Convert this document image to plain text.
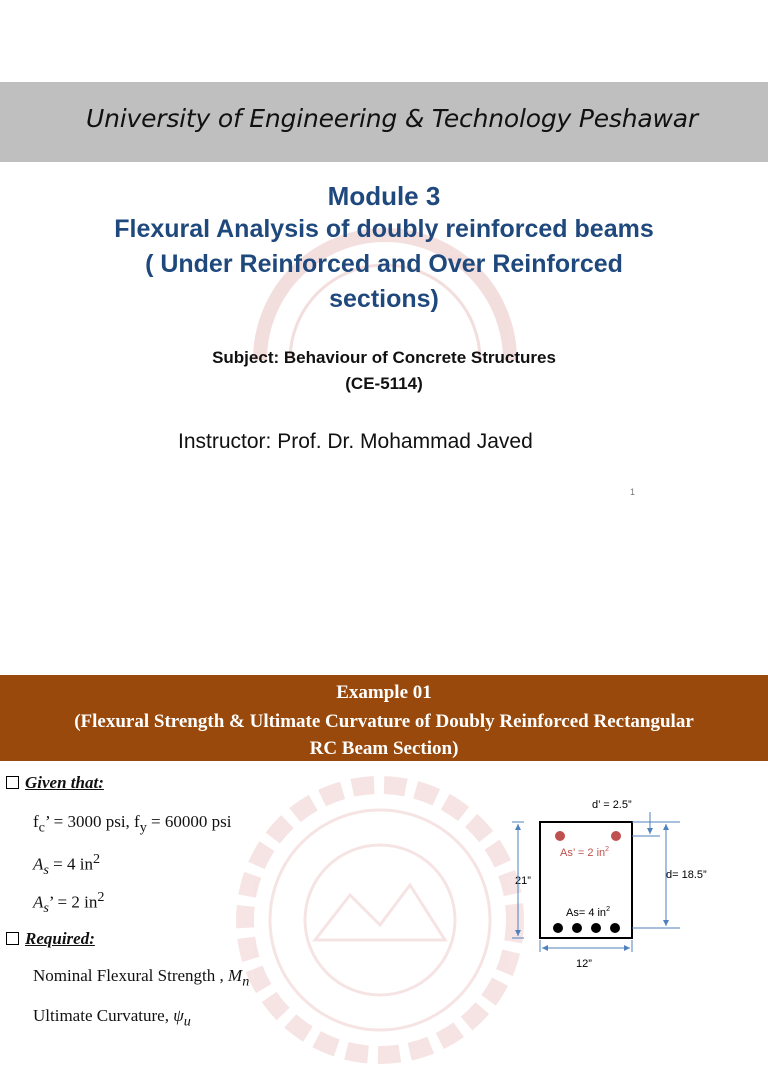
University of Engineering & Technology Peshawar
Module 3
Flexural Analysis of doubly reinforced beams
( Under Reinforced and Over Reinforced
sections)
Subject: Behaviour of Concrete Structures
(CE-5114)
Instructor: Prof. Dr. Mohammad Javed
1
Example 01
(Flexural Strength & Ultimate Curvature of Doubly Reinforced Rectangular
RC Beam Section)
Given that:
$f_c$’ = 3000 psi, $f_y = 60000$ psi
$A_s = 4$ $in^2$
$A_s$’ = 2 $in^2$
Required:
Nominal Flexural Strength , $M_n$
Ultimate Curvature, $\psi_u$
d’ = 2.5”
As’ = 2 $in^2$
As= 4 $in^2$
21”	d= 18.5”
12”
